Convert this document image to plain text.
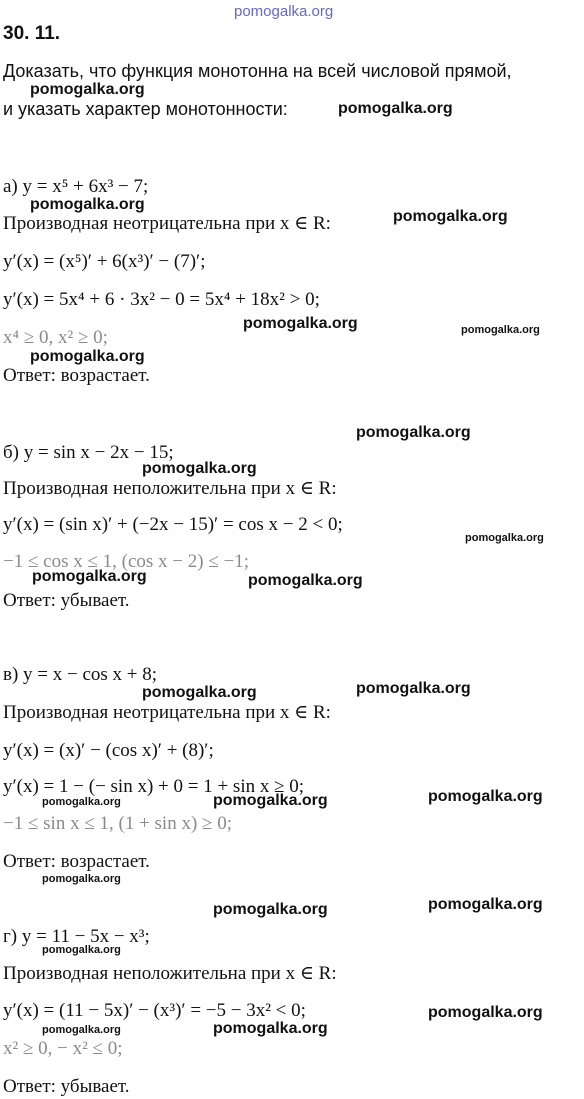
pomogalka.org
30. 11.
Доказать, что функция монотонна на всей числовой прямой,
и указать характер монотонности:
а) y = x⁵ + 6x³ − 7;
Производная неотрицательна при x ∈ R:
y′(x) = (x⁵)′ + 6(x³)′ − (7)′;
y′(x) = 5x⁴ + 6 · 3x² − 0 = 5x⁴ + 18x² > 0;
x⁴ ≥ 0, x² ≥ 0;
Ответ: возрастает.
б) y = sin x − 2x − 15;
Производная неположительна при x ∈ R:
y′(x) = (sin x)′ + (−2x − 15)′ = cos x − 2 < 0;
−1 ≤ cos x ≤ 1, (cos x − 2) ≤ −1;
Ответ: убывает.
в) y = x − cos x + 8;
Производная неотрицательна при x ∈ R:
y′(x) = (x)′ − (cos x)′ + (8)′;
y′(x) = 1 − (− sin x) + 0 = 1 + sin x ≥ 0;
−1 ≤ sin x ≤ 1, (1 + sin x) ≥ 0;
Ответ: возрастает.
г) y = 11 − 5x − x³;
Производная неположительна при x ∈ R:
y′(x) = (11 − 5x)′ − (x³)′ = −5 − 3x² < 0;
x² ≥ 0, − x² ≤ 0;
Ответ: убывает.
pomogalka.org
pomogalka.org
pomogalka.org
pomogalka.org
pomogalka.org	pomogalka.org
pomogalka.org
pomogalka.org
pomogalka.org
pomogalka.org
pomogalka.org	pomogalka.org
pomogalka.org	pomogalka.org
pomogalka.org	pomogalka.org	pomogalka.org
pomogalka.org
pomogalka.org	pomogalka.org
pomogalka.org
pomogalka.org
pomogalka.org	pomogalka.org
